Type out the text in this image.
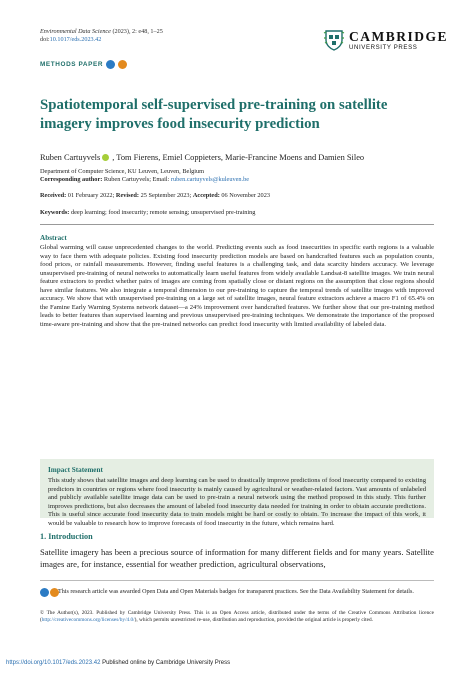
Environmental Data Science (2023), 2: e48, 1–25
doi:10.1017/eds.2023.42	CAMBRIDGE
UNIVERSITY PRESS
METHODS PAPER
Spatiotemporal self-supervised pre-training on satellite imagery improves food insecurity prediction
Ruben Cartuyvels , Tom Fierens, Emiel Coppieters, Marie-Francine Moens and Damien Sileo
Department of Computer Science, KU Leuven, Leuven, Belgium
Corresponding author: Ruben Cartuyvels; Email: ruben.cartuyvels@kuleuven.be
Received: 01 February 2022; Revised: 25 September 2023; Accepted: 06 November 2023
Keywords: deep learning; food insecurity; remote sensing; unsupervised pre-training
Abstract
Global warming will cause unprecedented changes to the world. Predicting events such as food insecurities in specific earth regions is a valuable way to face them with adequate policies. Existing food insecurity prediction models are based on handcrafted features such as population counts, food prices, or rainfall measurements. However, finding useful features is a challenging task, and data scarcity hinders accuracy. We leverage unsupervised pre-training of neural networks to automatically learn useful features from widely available Landsat-8 satellite images. We train neural feature extractors to predict whether pairs of images are coming from spatially close or distant regions on the assumption that close regions should have similar features. We also integrate a temporal dimension to our pre-training to capture the temporal trends of satellite images with improved accuracy. We show that with unsupervised pre-training on a large set of satellite images, neural feature extractors achieve a macro F1 of 65.4% on the Famine Early Warning Systems network dataset—a 24% improvement over handcrafted features. We further show that our pre-training method leads to better features than supervised learning and previous unsupervised pre-training techniques. We demonstrate the importance of the proposed time-aware pre-training and show that the pre-trained networks can predict food insecurity with limited availability of labeled data.
Impact Statement
This study shows that satellite images and deep learning can be used to drastically improve predictions of food insecurity compared to existing predictors in countries or regions where food insecurity is mainly caused by agricultural or weather-related factors. Vast amounts of unlabeled and publicly available satellite image data can be used to pre-train a neural network using the method proposed in this study. This further improves predictions, but also decreases the amount of labeled food insecurity data needed for training in order to obtain accurate predictions. This is useful since accurate food insecurity data to train models might be hard or costly to obtain. To increase the impact of this work, it would be valuable to research how to improve forecasts of food insecurity in the future, which remains hard.
1. Introduction
Satellite imagery has been a precious source of information for many different fields and for many years. Satellite images are, for instance, essential for weather prediction, agricultural observations,
This research article was awarded Open Data and Open Materials badges for transparent practices. See the Data Availability Statement for details.
© The Author(s), 2023. Published by Cambridge University Press. This is an Open Access article, distributed under the terms of the Creative Commons Attribution licence (http://creativecommons.org/licenses/by/4.0/), which permits unrestricted re-use, distribution and reproduction, provided the original article is properly cited.
https://doi.org/10.1017/eds.2023.42 Published online by Cambridge University Press
